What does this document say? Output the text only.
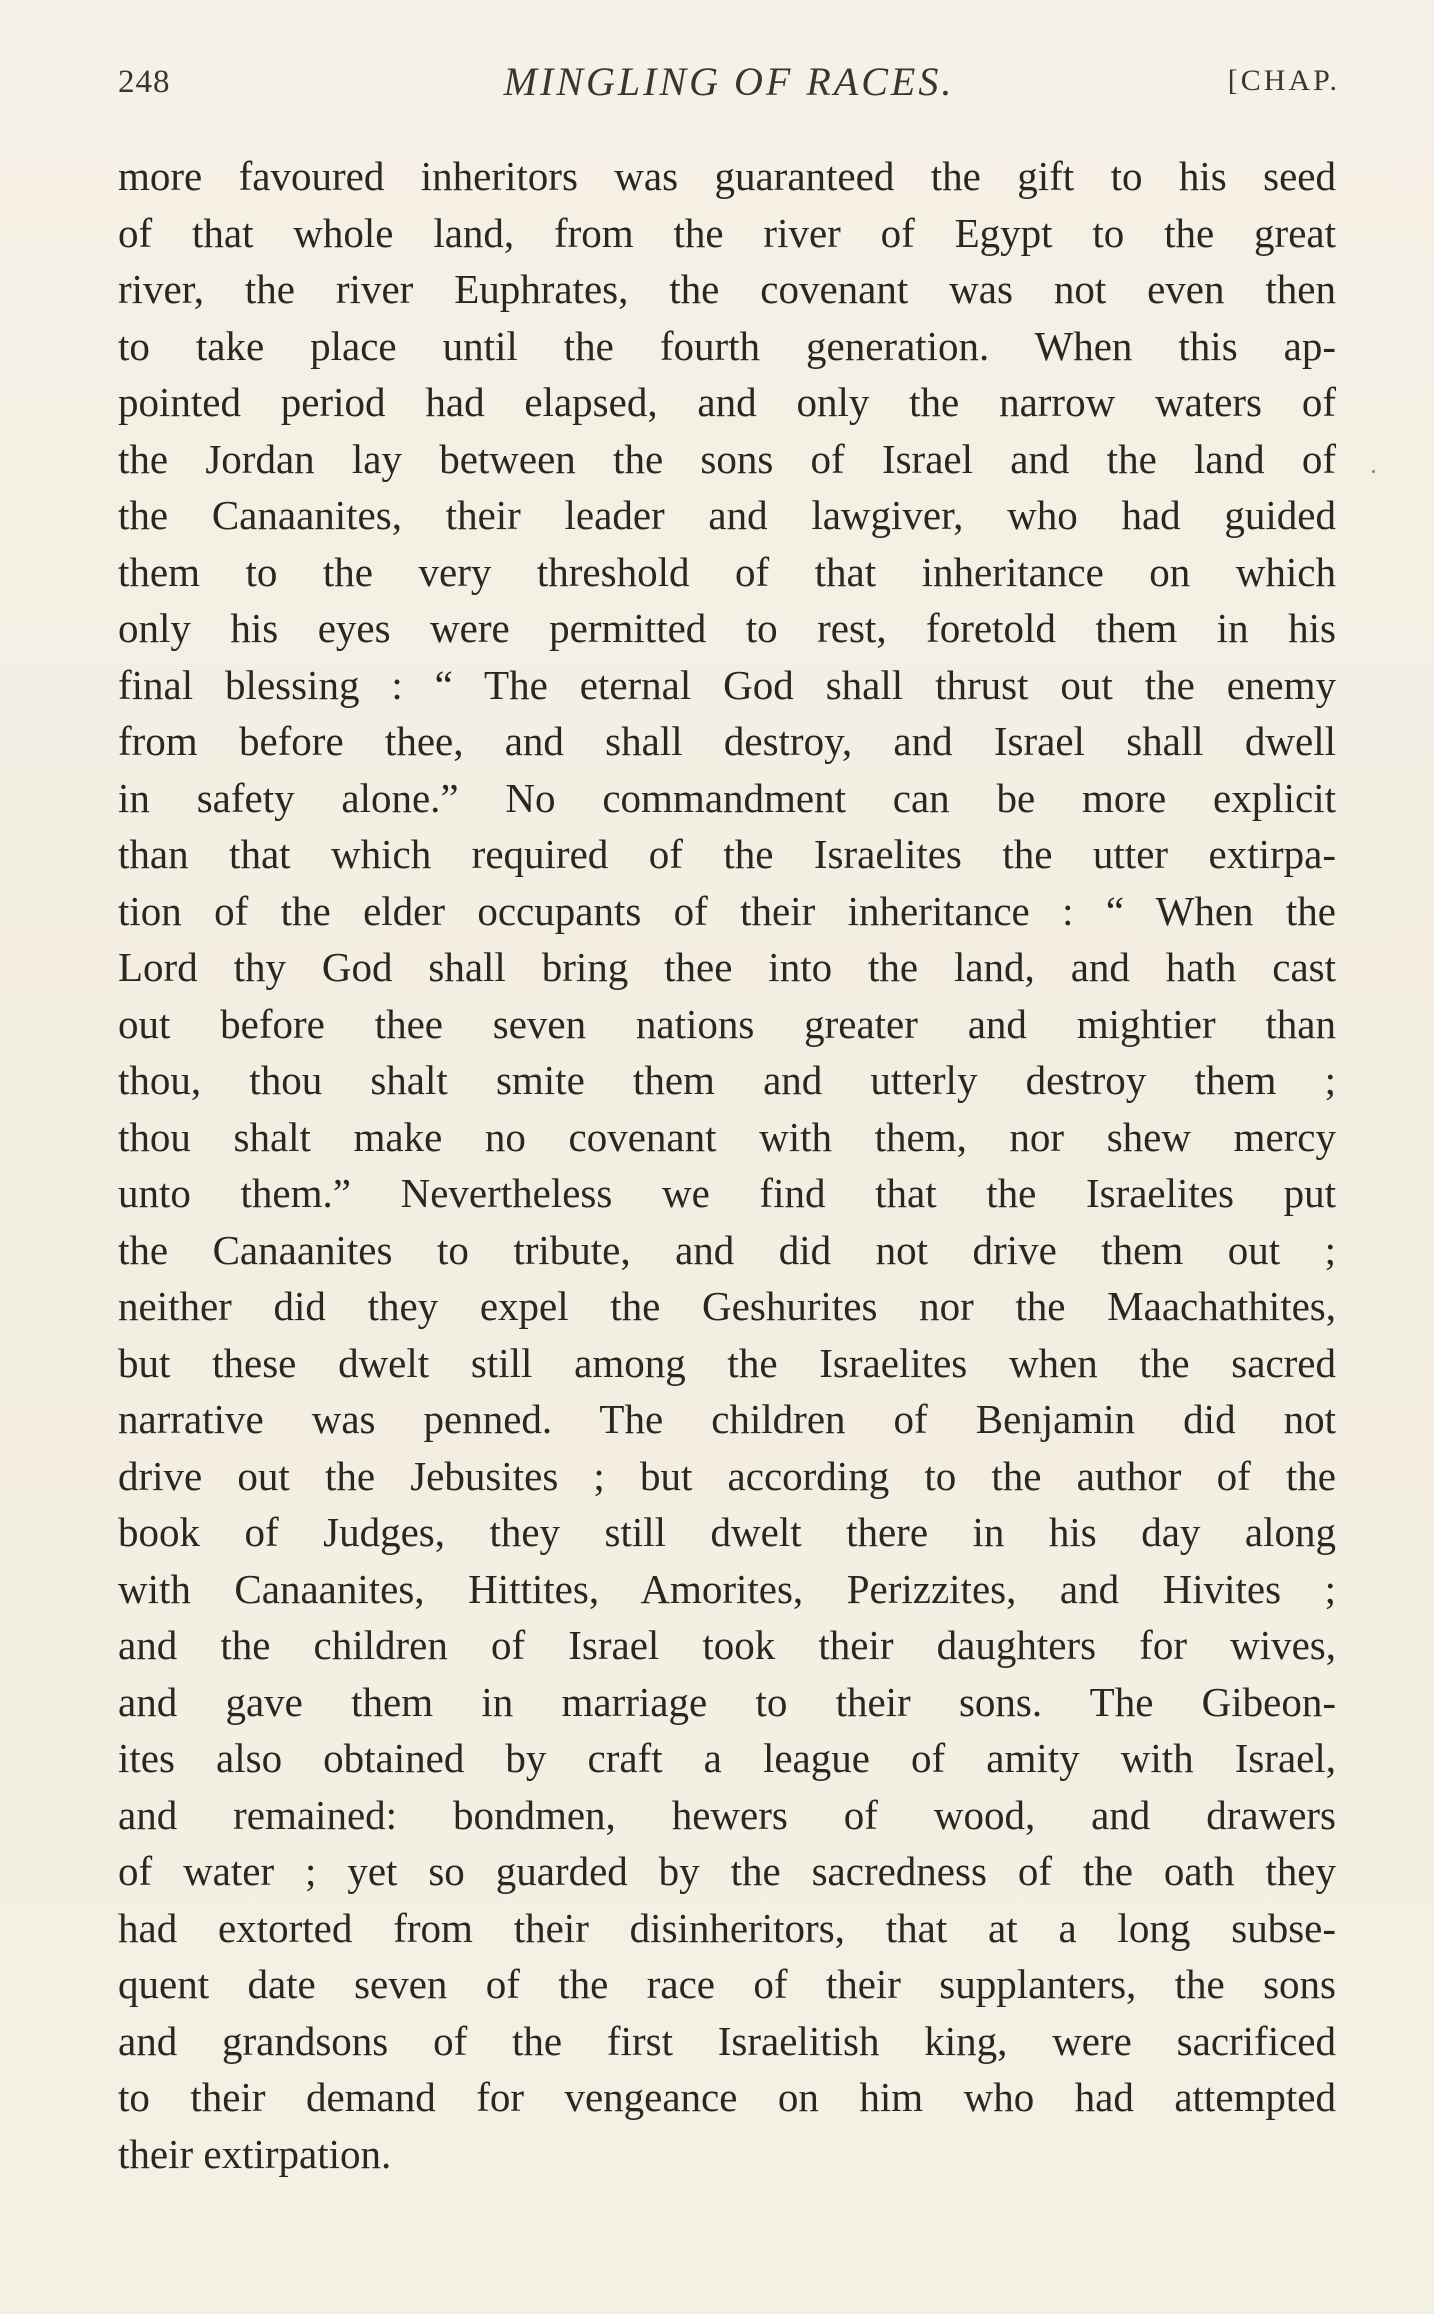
248	MINGLING OF RACES.	[CHAP.
more favoured inheritors was guaranteed the gift to his seed
of that whole land, from the river of Egypt to the great
river, the river Euphrates, the covenant was not even then
to take place until the fourth generation. When this ap-
pointed period had elapsed, and only the narrow waters of
the Jordan lay between the sons of Israel and the land of
the Canaanites, their leader and lawgiver, who had guided
them to the very threshold of that inheritance on which
only his eyes were permitted to rest, foretold them in his
final blessing : “ The eternal God shall thrust out the enemy
from before thee, and shall destroy, and Israel shall dwell
in safety alone.” No commandment can be more explicit
than that which required of the Israelites the utter extirpa-
tion of the elder occupants of their inheritance : “ When the
Lord thy God shall bring thee into the land, and hath cast
out before thee seven nations greater and mightier than
thou, thou shalt smite them and utterly destroy them ;
thou shalt make no covenant with them, nor shew mercy
unto them.” Nevertheless we find that the Israelites put
the Canaanites to tribute, and did not drive them out ;
neither did they expel the Geshurites nor the Maachathites,
but these dwelt still among the Israelites when the sacred
narrative was penned. The children of Benjamin did not
drive out the Jebusites ; but according to the author of the
book of Judges, they still dwelt there in his day along
with Canaanites, Hittites, Amorites, Perizzites, and Hivites ;
and the children of Israel took their daughters for wives,
and gave them in marriage to their sons. The Gibeon-
ites also obtained by craft a league of amity with Israel,
and remained: bondmen, hewers of wood, and drawers
of water ; yet so guarded by the sacredness of the oath they
had extorted from their disinheritors, that at a long subse-
quent date seven of the race of their supplanters, the sons
and grandsons of the first Israelitish king, were sacrificed
to their demand for vengeance on him who had attempted
their extirpation.
